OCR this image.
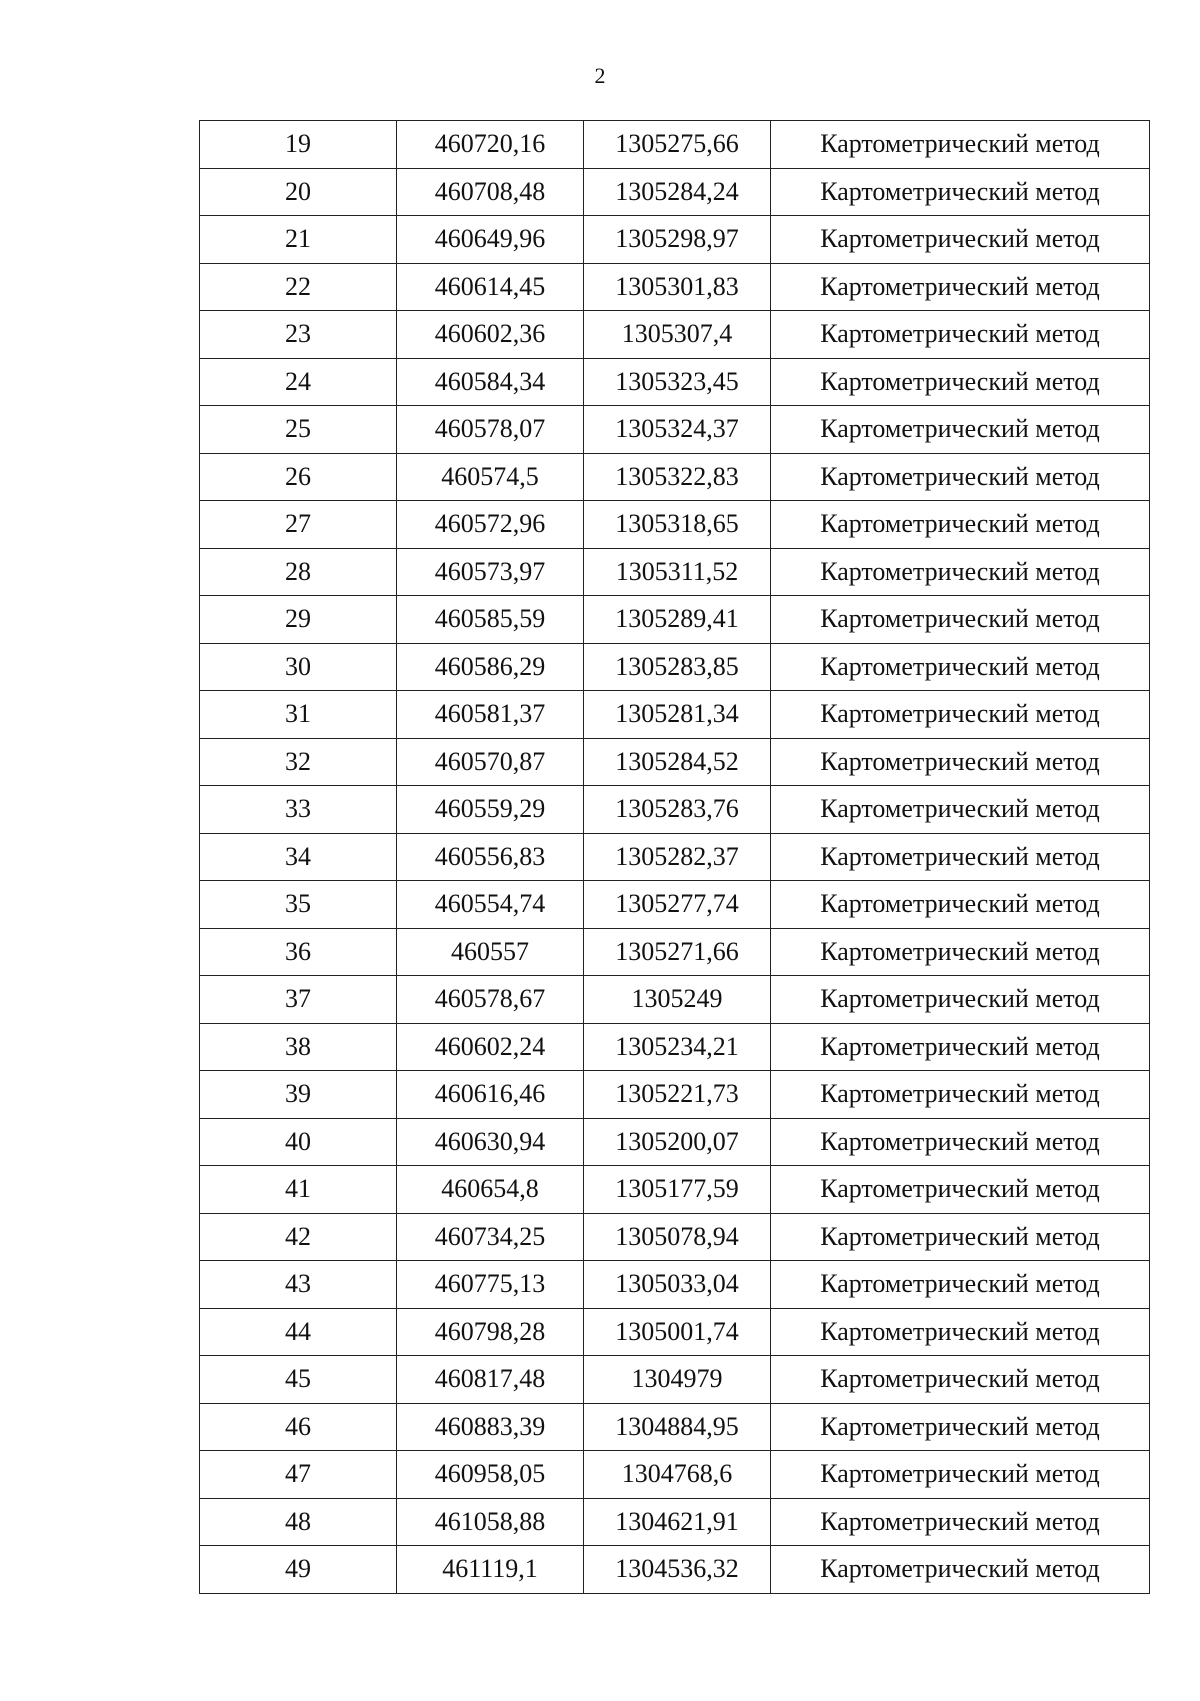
2
19	460720,16	1305275,66	Картометрический метод
20	460708,48	1305284,24	Картометрический метод
21	460649,96	1305298,97	Картометрический метод
22	460614,45	1305301,83	Картометрический метод
23	460602,36	1305307,4	Картометрический метод
24	460584,34	1305323,45	Картометрический метод
25	460578,07	1305324,37	Картометрический метод
26	460574,5	1305322,83	Картометрический метод
27	460572,96	1305318,65	Картометрический метод
28	460573,97	1305311,52	Картометрический метод
29	460585,59	1305289,41	Картометрический метод
30	460586,29	1305283,85	Картометрический метод
31	460581,37	1305281,34	Картометрический метод
32	460570,87	1305284,52	Картометрический метод
33	460559,29	1305283,76	Картометрический метод
34	460556,83	1305282,37	Картометрический метод
35	460554,74	1305277,74	Картометрический метод
36	460557	1305271,66	Картометрический метод
37	460578,67	1305249	Картометрический метод
38	460602,24	1305234,21	Картометрический метод
39	460616,46	1305221,73	Картометрический метод
40	460630,94	1305200,07	Картометрический метод
41	460654,8	1305177,59	Картометрический метод
42	460734,25	1305078,94	Картометрический метод
43	460775,13	1305033,04	Картометрический метод
44	460798,28	1305001,74	Картометрический метод
45	460817,48	1304979	Картометрический метод
46	460883,39	1304884,95	Картометрический метод
47	460958,05	1304768,6	Картометрический метод
48	461058,88	1304621,91	Картометрический метод
49	461119,1	1304536,32	Картометрический метод
